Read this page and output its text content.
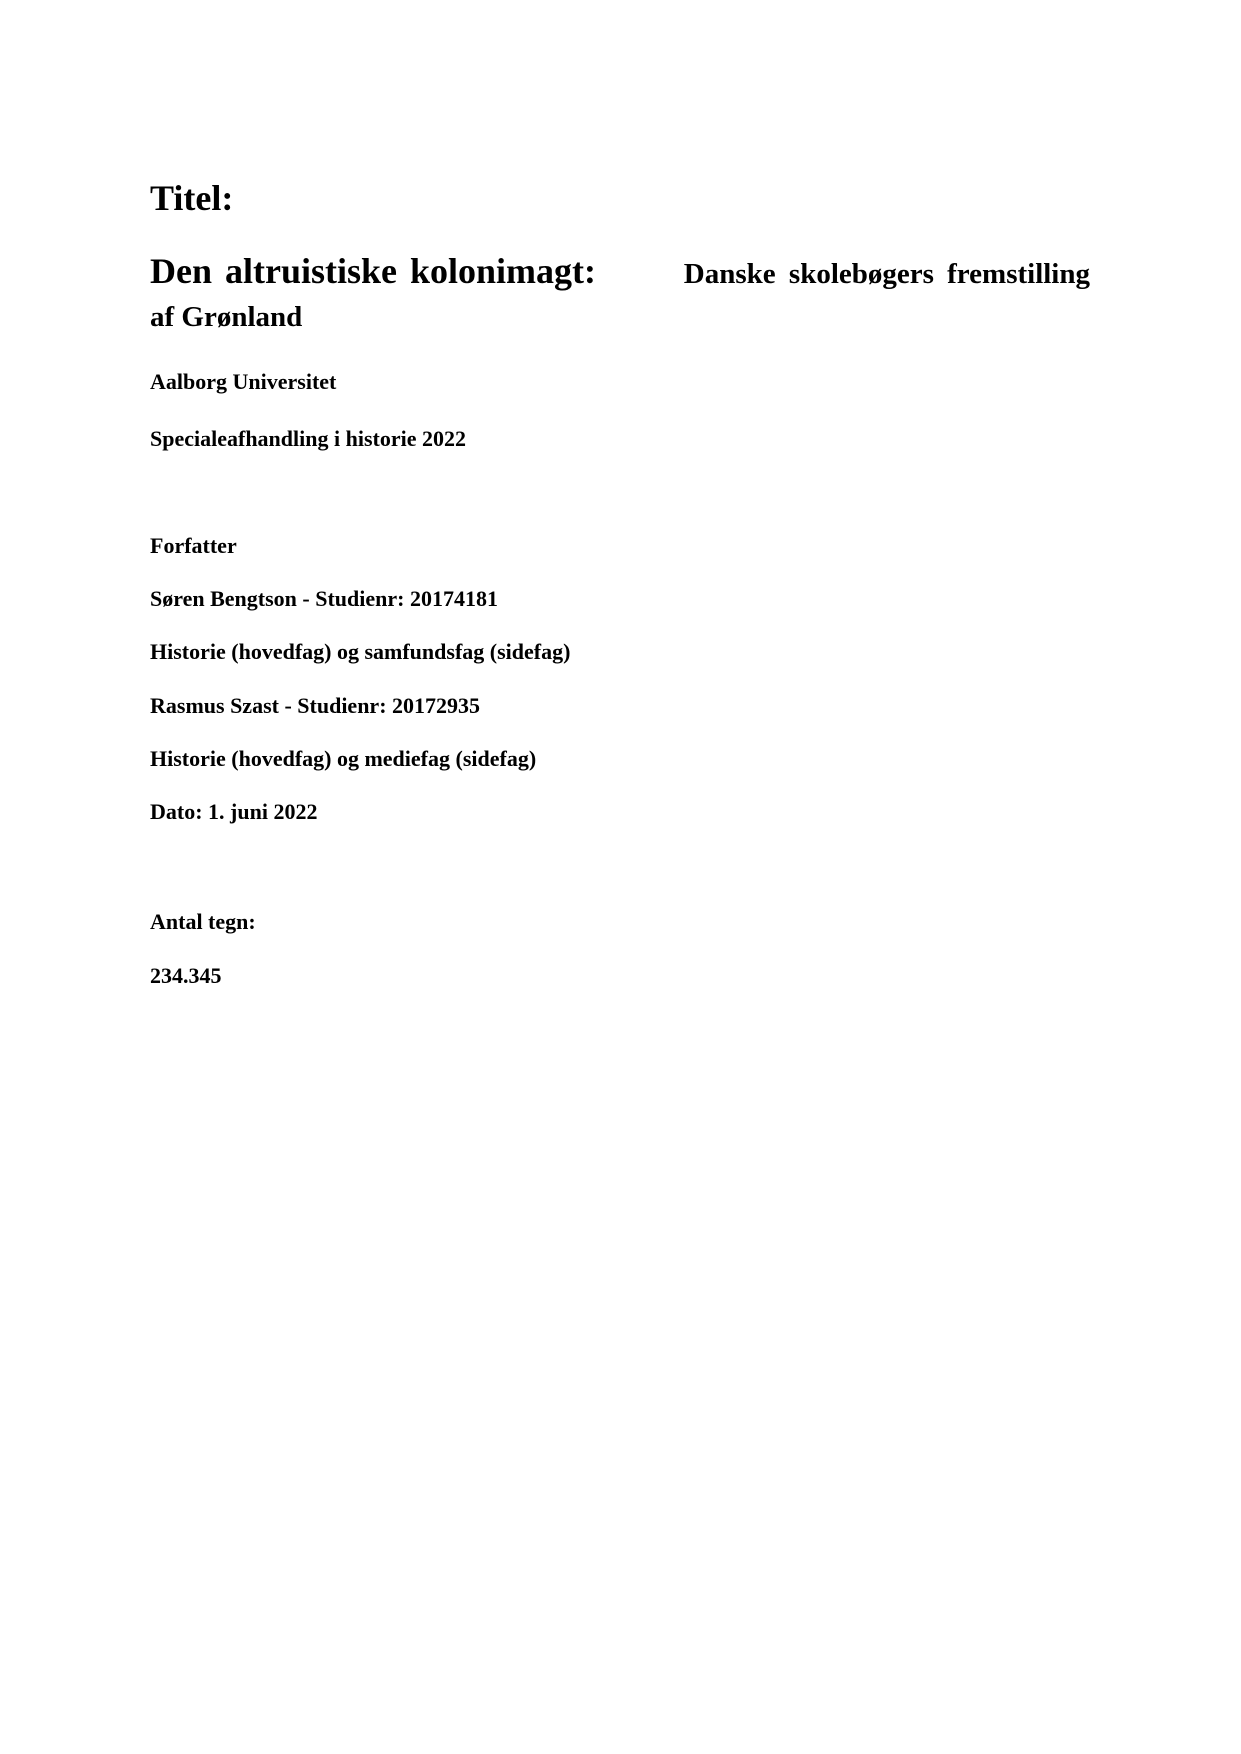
Titel:
Den altruistiske kolonimagt:	Danske skolebøgers fremstilling
af Grønland
Aalborg Universitet
Specialeafhandling i historie 2022
Forfatter
Søren Bengtson - Studienr: 20174181
Historie (hovedfag) og samfundsfag (sidefag)
Rasmus Szast - Studienr: 20172935
Historie (hovedfag) og mediefag (sidefag)
Dato: 1. juni 2022
Antal tegn:
234.345
